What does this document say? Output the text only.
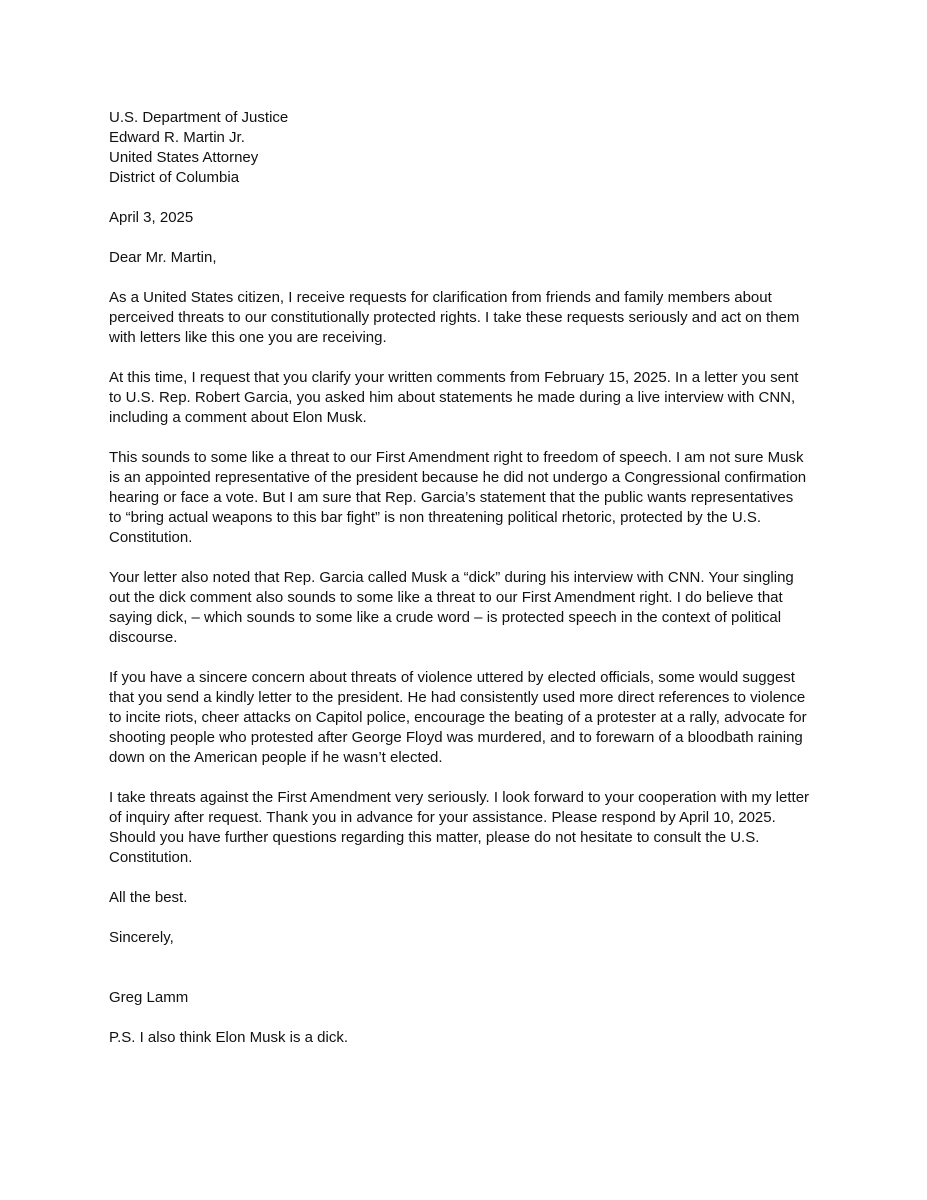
U.S. Department of Justice
Edward R. Martin Jr.
United States Attorney
District of Columbia
April 3, 2025
Dear Mr. Martin,
As a United States citizen, I receive requests for clarification from friends and family members about
perceived threats to our constitutionally protected rights. I take these requests seriously and act on them
with letters like this one you are receiving.
At this time, I request that you clarify your written comments from February 15, 2025. In a letter you sent
to U.S. Rep. Robert Garcia, you asked him about statements he made during a live interview with CNN,
including a comment about Elon Musk.
This sounds to some like a threat to our First Amendment right to freedom of speech. I am not sure Musk
is an appointed representative of the president because he did not undergo a Congressional confirmation
hearing or face a vote. But I am sure that Rep. Garcia’s statement that the public wants representatives
to “bring actual weapons to this bar fight” is non threatening political rhetoric, protected by the U.S.
Constitution.
Your letter also noted that Rep. Garcia called Musk a “dick” during his interview with CNN. Your singling
out the dick comment also sounds to some like a threat to our First Amendment right. I do believe that
saying dick, – which sounds to some like a crude word – is protected speech in the context of political
discourse.
If you have a sincere concern about threats of violence uttered by elected officials, some would suggest
that you send a kindly letter to the president. He had consistently used more direct references to violence
to incite riots, cheer attacks on Capitol police, encourage the beating of a protester at a rally, advocate for
shooting people who protested after George Floyd was murdered, and to forewarn of a bloodbath raining
down on the American people if he wasn’t elected.
I take threats against the First Amendment very seriously. I look forward to your cooperation with my letter
of inquiry after request. Thank you in advance for your assistance. Please respond by April 10, 2025.
Should you have further questions regarding this matter, please do not hesitate to consult the U.S.
Constitution.
All the best.
Sincerely,
Greg Lamm
P.S. I also think Elon Musk is a dick.
